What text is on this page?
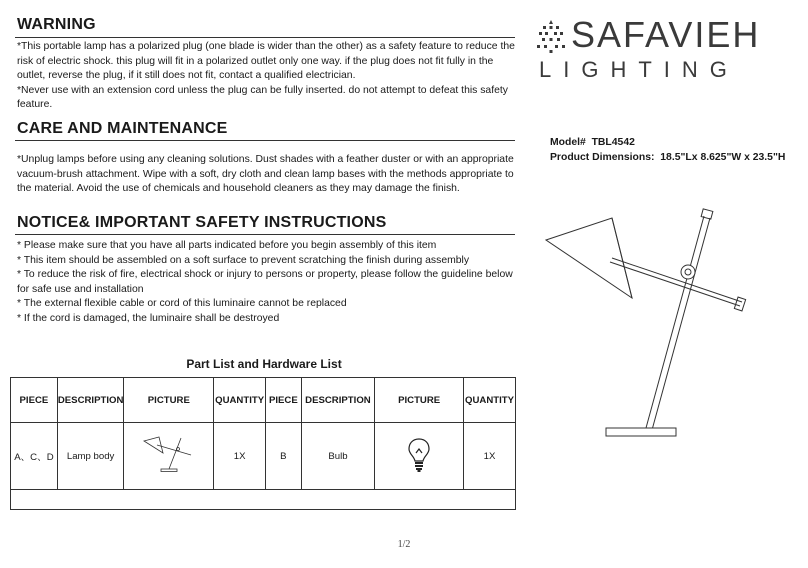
WARNING

*This portable lamp has a polarized plug (one blade is wider than the other) as a safety feature to reduce the risk of electric shock. this plug will fit in a polarized outlet only one way. if the plug does not fit fully in the outlet, reverse the plug, if it still does not fit, contact a qualified electrician.

*Never use with an extension cord unless the plug can be fully inserted. do not attempt to defeat this safety feature.

CARE AND MAINTENANCE
*Unplug lamps before using any cleaning solutions. Dust shades with a feather duster or with an appropriate vacuum-brush attachment. Wipe with a soft, dry cloth and clean lamp bases with the methods appropriate to the material. Avoid the use of chemicals and household cleaners as they may damage the finish.
NOTICE& IMPORTANT SAFETY INSTRUCTIONS

* Please make sure that you have all parts indicated before you begin assembly of this item

* This item should be assembled on a soft surface to prevent scratching the finish during assembly

* To reduce the risk of fire, electrical shock or injury to persons or property, please follow the guideline below for safe use and installation

* The external flexible cable or cord of this luminaire cannot be replaced

* If the cord is damaged, the luminaire shall be destroyed

SAFAVIEH
LIGHTING
Model# TBL4542
Product Dimensions: 18.5"Lx 8.625"W x 23.5"H
Part List and Hardware List
PIECE	DESCRIPTION	PICTURE	QUANTITY	PIECE	DESCRIPTION	PICTURE	QUANTITY
A、C、D	Lamp body		1X	B	Bulb		1X

1/2
